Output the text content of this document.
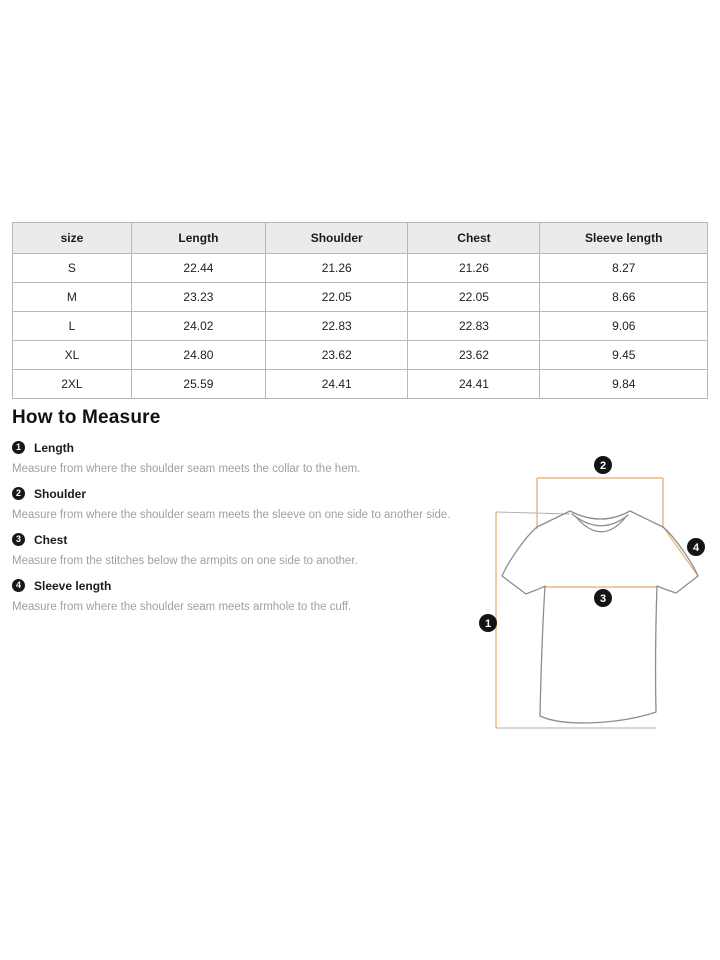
size	Length	Shoulder	Chest	Sleeve length
S	22.44	21.26	21.26	8.27
M	23.23	22.05	22.05	8.66
L	24.02	22.83	22.83	9.06
XL	24.80	23.62	23.62	9.45
2XL	25.59	24.41	24.41	9.84
How to Measure
1	Length

Measure from where the shoulder seam meets the collar to the hem.

2	Shoulder

Measure from where the shoulder seam meets the sleeve on one side to another side.

3	Chest

Measure from the stitches below the armpits on one side to another.

4	Sleeve length

Measure from where the shoulder seam meets armhole to the cuff.

2
4
3
1
